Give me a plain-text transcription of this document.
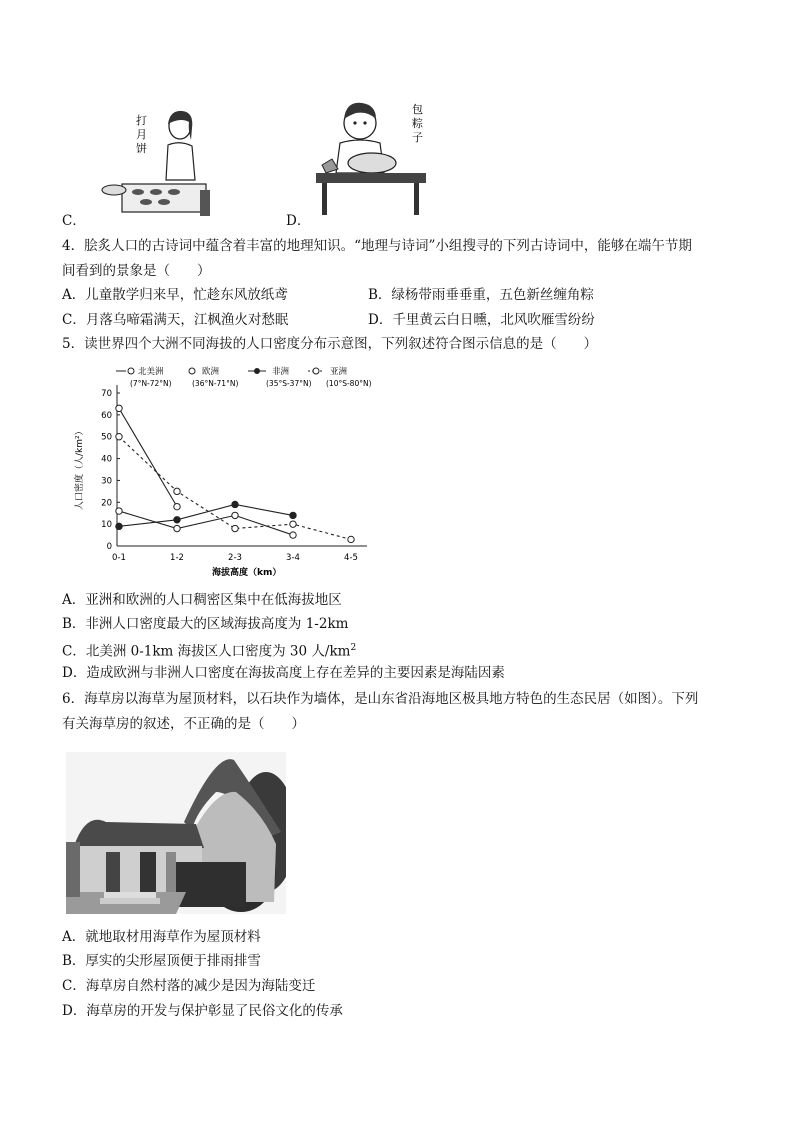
C．
打
月
饼
D．
包
粽
子
4．脍炙人口的古诗词中蕴含着丰富的地理知识。“地理与诗词”小组搜寻的下列古诗词中，能够在端午节期
间看到的景象是（　　）
A．儿童散学归来早，忙趁东风放纸鸢	B．绿杨带雨垂垂重，五色新丝缠角粽
C．月落乌啼霜满天，江枫渔火对愁眠	D．千里黄云白日曛，北风吹雁雪纷纷
5．读世界四个大洲不同海拔的人口密度分布示意图，下列叙述符合图示信息的是（　　）
北美洲
(7°N-72°N)
欧洲
(36°N-71°N)
非洲
(35°S-37°N)
亚洲
(10°S-80°N)
人口密度（人/km²）
海拔高度（km）
0
10
20
30
40
50
60
70
0-1	1-2	2-3	3-4	4-5
A．亚洲和欧洲的人口稠密区集中在低海拔地区
B．非洲人口密度最大的区域海拔高度为 1-2km
C．北美洲 0-1km 海拔区人口密度为 30 人$/km^2$
D．造成欧洲与非洲人口密度在海拔高度上存在差异的主要因素是海陆因素
6．海草房以海草为屋顶材料，以石块作为墙体，是山东省沿海地区极具地方特色的生态民居（如图）。下列
有关海草房的叙述，不正确的是（　　）
A．就地取材用海草作为屋顶材料
B．厚实的尖形屋顶便于排雨排雪
C．海草房自然村落的减少是因为海陆变迁
D．海草房的开发与保护彰显了民俗文化的传承
